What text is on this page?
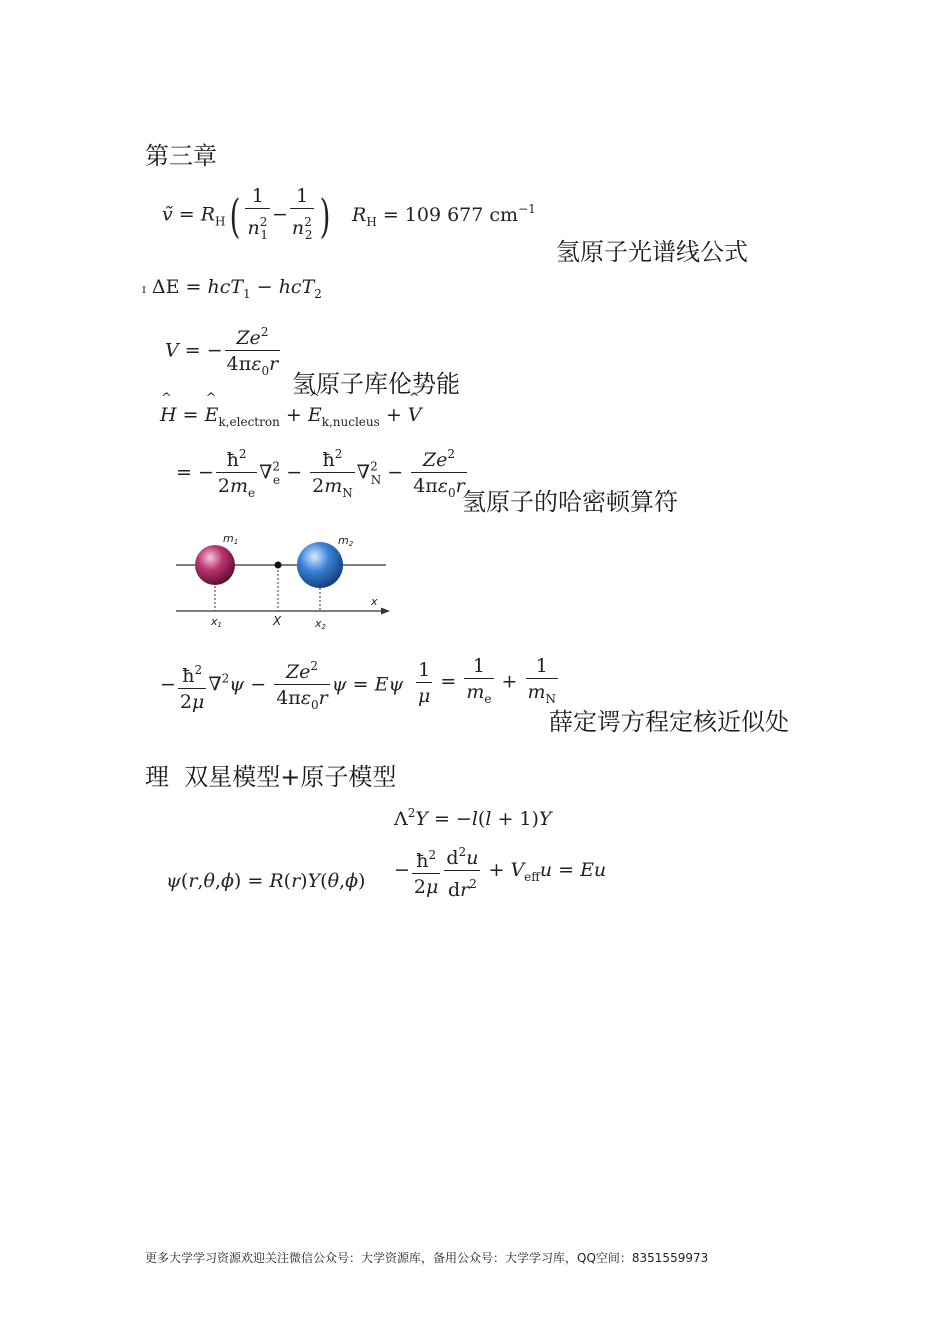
第三章
ṽ = $R_H( \frac{1}{n^2_1} - \frac{1}{n^2_2}$ ) $R_H = 109$ 677 $cm^{-1}$
氢原子光谱线公式
ɪ ΔE = hcT$_1$ − hcT$_2$
V = − $\frac{Ze^2}{4\pi\varepsilon_0r}$
氢原子库伦势能
^ H = ^ $E_{k,electron}$ + ^ $E_{k,nucleus}$ + ^ V
= − $\frac{ħ^2}{2m_e} \nabla^2_e - \frac{ħ^2}{2m_N} \nabla^2_N - \frac{Ze^2}{4\pi\varepsilon_0r}$
氢原子的哈密顿算符
m1	m2
x
x1	X	x2
− $\frac{ħ^2}{2\mu} \nabla^2\psi - \frac{Ze^2}{4\pi\varepsilon_0r}$ ψ = Eψ $\frac{1}{\mu} = \frac{1}{m_e} + \frac{1}{m_N}$
薛定谔方程定核近似处
理  双星模型+原子模型
$\Lambda^2Y = -l(l + 1)Y$
$\psi(r,\theta,\phi) = R(r)Y(\theta,\phi) - \frac{ħ^2}{2\mu} \frac{d^2u}{dr^2} + V_{eff}u = Eu$
更多大学学习资源欢迎关注微信公众号：大学资源库，备用公众号：大学学习库，QQ空间：8351559973
